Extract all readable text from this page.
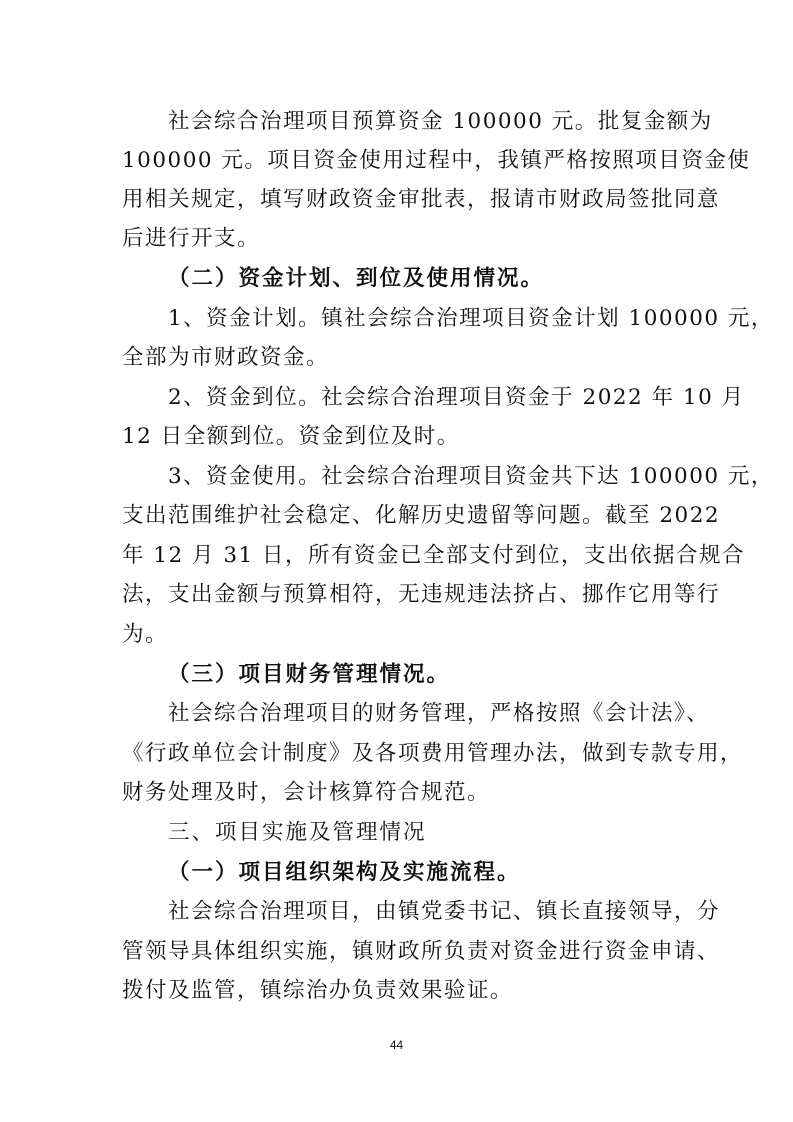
社会综合治理项目预算资金 100000 元。批复金额为

100000 元。项目资金使用过程中，我镇严格按照项目资金使

用相关规定，填写财政资金审批表，报请市财政局签批同意

后进行开支。

（二）资金计划、到位及使用情况。

1、资金计划。镇社会综合治理项目资金计划 100000 元，

全部为市财政资金。

2、资金到位。社会综合治理项目资金于 2022 年 10 月

12 日全额到位。资金到位及时。

3、资金使用。社会综合治理项目资金共下达 100000 元，

支出范围维护社会稳定、化解历史遗留等问题。截至 2022

年 12 月 31 日，所有资金已全部支付到位，支出依据合规合

法，支出金额与预算相符，无违规违法挤占、挪作它用等行

为。

（三）项目财务管理情况。

社会综合治理项目的财务管理，严格按照《会计法》、

《行政单位会计制度》及各项费用管理办法，做到专款专用，

财务处理及时，会计核算符合规范。

三、项目实施及管理情况

（一）项目组织架构及实施流程。

社会综合治理项目，由镇党委书记、镇长直接领导，分

管领导具体组织实施，镇财政所负责对资金进行资金申请、

拨付及监管，镇综治办负责效果验证。

44
